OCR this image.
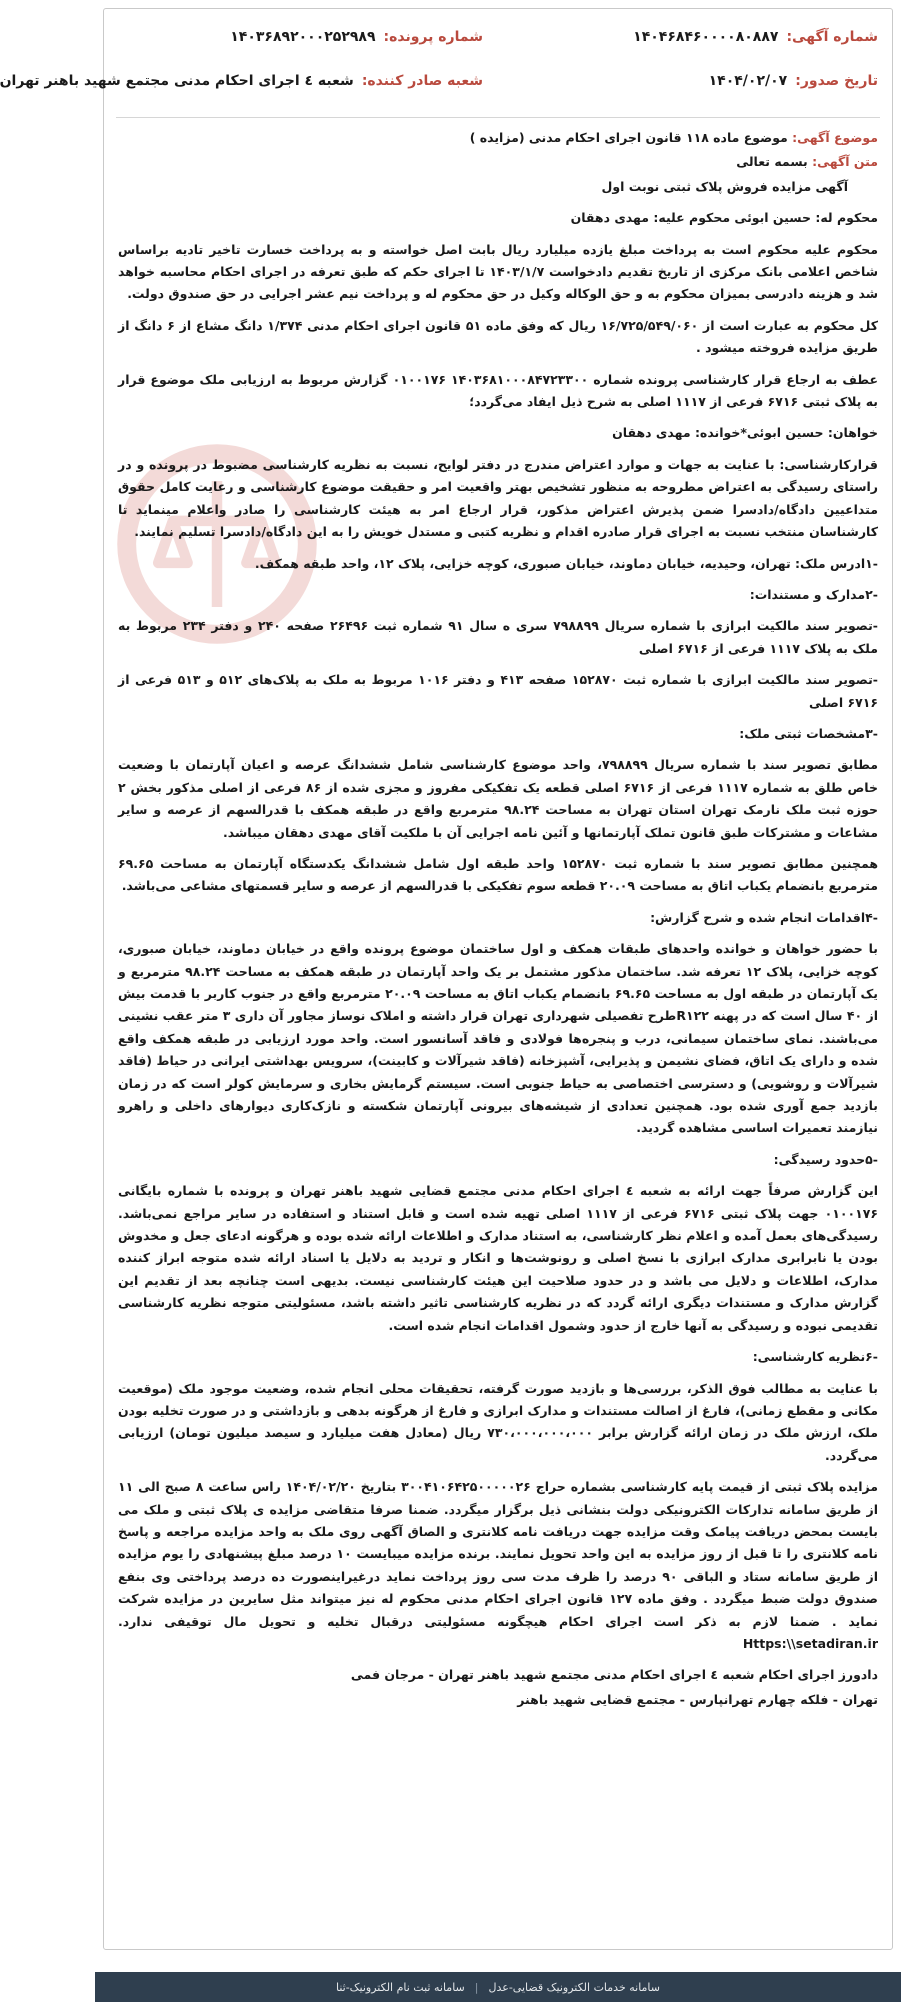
شماره آگهی:
۱۴۰۴۶۸۴۶۰۰۰۰۸۰۸۸۷
شماره پرونده:
۱۴۰۳۶۸۹۲۰۰۰۲۵۲۹۸۹
تاریخ صدور:
۱۴۰۴/۰۲/۰۷
شعبه صادر کننده:
شعبه ٤ اجرای احکام مدنی مجتمع شهید باهنر تهران

موضوع آگهی: موضوع ماده ۱۱۸ قانون اجرای احکام مدنی (مزایده )

متن آگهی: بسمه تعالی

آگهی مزایده فروش پلاک ثبتی نوبت اول

محکوم له: حسین ابوئی محکوم علیه: مهدی دهقان

محکوم علیه محکوم است به پرداخت مبلغ یازده میلیارد ریال بابت اصل خواسته و به پرداخت خسارت تاخیر تادیه براساس شاخص اعلامی بانک مرکزی از تاریخ تقدیم دادخواست ۱۴۰۳/۱/۷ تا اجرای حکم که طبق تعرفه در اجرای احکام محاسبه خواهد شد و هزینه دادرسی بمیزان محکوم به و حق الوکاله وکیل در حق محکوم له و پرداخت نیم عشر اجرایی در حق صندوق دولت.

کل محکوم به عبارت است از ۱۶/۷۲۵/۵۴۹/۰۶۰ ریال که وفق ماده ۵۱ قانون اجرای احکام مدنی ۱/۳۷۴ دانگ مشاع از ۶ دانگ از طریق مزایده فروخته میشود .

عطف به ارجاع قرار کارشناسی پرونده شماره ۱۴۰۳۶۸۱۰۰۰۸۴۷۲۳۳۰۰ ۰۱۰۰۱۷۶ گزارش مربوط به ارزیابی ملک موضوع قرار به پلاک ثبتی ۶۷۱۶ فرعی از ۱۱۱۷ اصلی به شرح ذیل ایفاد می‌گردد؛

خواهان: حسین ابوئی*خوانده: مهدی دهقان

قرارکارشناسی: با عنایت به جهات و موارد اعتراض مندرج در دفتر لوایح، نسبت به نظریه کارشناسی مضبوط در پرونده و در راستای رسیدگی به اعتراض مطروحه به منظور تشخیص بهتر واقعیت امر و حقیقت موضوع کارشناسی و رعایت کامل حقوق متداعیین دادگاه/دادسرا ضمن پذیرش اعتراض مذکور، قرار ارجاع امر به هیئت کارشناسی را صادر واعلام مینماید تا کارشناسان منتخب نسبت به اجرای قرار صادره اقدام و نظریه کتبی و مستدل خویش را به این دادگاه/دادسرا تسلیم نمایند.

-۱ادرس ملک: تهران، وحیدیه، خیابان دماوند، خیابان صبوری، کوچه خزایی، پلاک ۱۲، واحد طبقه همکف.

-۲مدارک و مستندات:

-تصویر سند مالکیت ابرازی با شماره سریال ۷۹۸۸۹۹ سری ه سال ۹۱ شماره ثبت ۲۶۴۹۶ صفحه ۲۴۰ و دفتر ۲۳۴ مربوط به ملک به پلاک ۱۱۱۷ فرعی از ۶۷۱۶ اصلی

-تصویر سند مالکیت ابرازی با شماره ثبت ۱۵۲۸۷۰ صفحه ۴۱۳ و دفتر ۱۰۱۶ مربوط به ملک به پلاک‌های ۵۱۲ و ۵۱۳ فرعی از ۶۷۱۶ اصلی

-۳مشخصات ثبتی ملک:

مطابق تصویر سند با شماره سریال ۷۹۸۸۹۹، واحد موضوع کارشناسی شامل ششدانگ عرصه و اعیان آپارتمان با وضعیت خاص طلق به شماره ۱۱۱۷ فرعی از ۶۷۱۶ اصلی قطعه یک تفکیکی مفروز و مجزی شده از ۸۶ فرعی از اصلی مذکور بخش ۲ حوزه ثبت ملک نارمک تهران استان تهران به مساحت ۹۸.۲۴ مترمربع واقع در طبقه همکف با قدرالسهم از عرصه و سایر مشاعات و مشترکات طبق قانون تملک آپارتمانها و آئین نامه اجرایی آن با ملکیت آقای مهدی دهقان میباشد.

همچنین مطابق تصویر سند با شماره ثبت ۱۵۲۸۷۰ واحد طبقه اول شامل ششدانگ یکدستگاه آپارتمان به مساحت ۶۹.۶۵ مترمربع بانضمام یکباب اتاق به مساحت ۲۰.۰۹ قطعه سوم تفکیکی با قدرالسهم از عرصه و سایر قسمتهای مشاعی می‌باشد.

-۴اقدامات انجام شده و شرح گزارش:

با حضور خواهان و خوانده واحدهای طبقات همکف و اول ساختمان موضوع پرونده واقع در خیابان دماوند، خیابان صبوری، کوچه خزایی، پلاک ۱۲ تعرفه شد. ساختمان مذکور مشتمل بر یک واحد آپارتمان در طبقه همکف به مساحت ۹۸.۲۴ مترمربع و یک آپارتمان در طبقه اول به مساحت ۶۹.۶۵ بانضمام یکباب اتاق به مساحت ۲۰.۰۹ مترمربع واقع در جنوب کاربر با قدمت بیش از ۴۰ سال است که در پهنه R۱۲۲طرح تفصیلی شهرداری تهران قرار داشته و املاک نوساز مجاور آن داری ۳ متر عقب نشینی می‌باشند. نمای ساختمان سیمانی، درب و پنجره‌ها فولادی و فاقد آسانسور است. واحد مورد ارزیابی در طبقه همکف واقع شده و دارای یک اتاق، فضای نشیمن و پذیرایی، آشپزخانه (فاقد شیرآلات و کابینت)، سرویس بهداشتی ایرانی در حیاط (فاقد شیرآلات و روشویی) و دسترسی اختصاصی به حیاط جنوبی است. سیستم گرمایش بخاری و سرمایش کولر است که در زمان بازدید جمع آوری شده بود. همچنین تعدادی از شیشه‌های بیرونی آپارتمان شکسته و نازک‌کاری دیوارهای داخلی و راهرو نیازمند تعمیرات اساسی مشاهده گردید.

-۵حدود رسیدگی:

این گزارش صرفاً جهت ارائه به شعبه ٤ اجرای احکام مدنی مجتمع قضایی شهید باهنر تهران و پرونده با شماره بایگانی ۰۱۰۰۱۷۶ جهت پلاک ثبتی ۶۷۱۶ فرعی از ۱۱۱۷ اصلی تهیه شده است و قابل استناد و استفاده در سایر مراجع نمی‌باشد. رسیدگی‌های بعمل آمده و اعلام نظر کارشناسی، به استناد مدارک و اطلاعات ارائه شده بوده و هرگونه ادعای جعل و مخدوش بودن یا نابرابری مدارک ابرازی با نسخ اصلی و رونوشت‌ها و انکار و تردید به دلایل یا اسناد ارائه شده متوجه ابراز کننده مدارک، اطلاعات و دلایل می باشد و در حدود صلاحیت این هیئت کارشناسی نیست. بدیهی است چنانچه بعد از تقدیم این گزارش مدارک و مستندات دیگری ارائه گردد که در نظریه کارشناسی تاثیر داشته باشد، مسئولیتی متوجه نظریه کارشناسی تقدیمی نبوده و رسیدگی به آنها خارج از حدود وشمول اقدامات انجام شده است.

-۶نظریه کارشناسی:

با عنایت به مطالب فوق الذکر، بررسی‌ها و بازدید صورت گرفته، تحقیقات محلی انجام شده، وضعیت موجود ملک (موقعیت مکانی و مقطع زمانی)، فارغ از اصالت مستندات و مدارک ابرازی و فارغ از هرگونه بدهی و بازداشتی و در صورت تخلیه بودن ملک، ارزش ملک در زمان ارائه گزارش برابر ۷۳۰،۰۰۰،۰۰۰،۰۰۰ ریال (معادل هفت میلیارد و سیصد میلیون تومان) ارزیابی می‌گردد.

مزایده پلاک ثبتی از قیمت پایه کارشناسی بشماره حراج ۳۰۰۴۱۰۶۴۲۵۰۰۰۰۰۲۶ بتاریخ ۱۴۰۴/۰۲/۲۰ راس ساعت ۸ صبح الی ۱۱ از طریق سامانه تدارکات الکترونیکی دولت بنشانی ذیل برگزار میگردد. ضمنا صرفا متقاضی مزایده ی پلاک ثبتی و ملک می بایست بمحض دریافت پیامک وقت مزایده جهت دریافت نامه کلانتری و الصاق آگهی روی ملک به واحد مزایده مراجعه و پاسخ نامه کلانتری را تا قبل از روز مزایده به این واحد تحویل نمایند. برنده مزایده میبایست ۱۰ درصد مبلغ پیشنهادی را یوم مزایده از طریق سامانه ستاد و الباقی ۹۰ درصد را ظرف مدت سی روز پرداخت نماید درغیراینصورت ده درصد پرداختی وی بنفع صندوق دولت ضبط میگردد . وفق ماده ۱۲۷ قانون اجرای احکام مدنی محکوم له نیز میتواند مثل سایرین در مزایده شرکت نماید . ضمنا لازم به ذکر است اجرای احکام هیچگونه مسئولیتی درقبال تخلیه و تحویل مال توقیفی ندارد. Https:\\setadiran.ir

دادورز اجرای احکام شعبه ٤ اجرای احکام مدنی مجتمع شهید باهنر تهران - مرجان فمی

تهران - فلکه چهارم تهرانپارس - مجتمع قضایی شهید باهنر

سامانه خدمات الکترونیک قضایی-عدل
|
سامانه ثبت نام الکترونیک-ثنا
